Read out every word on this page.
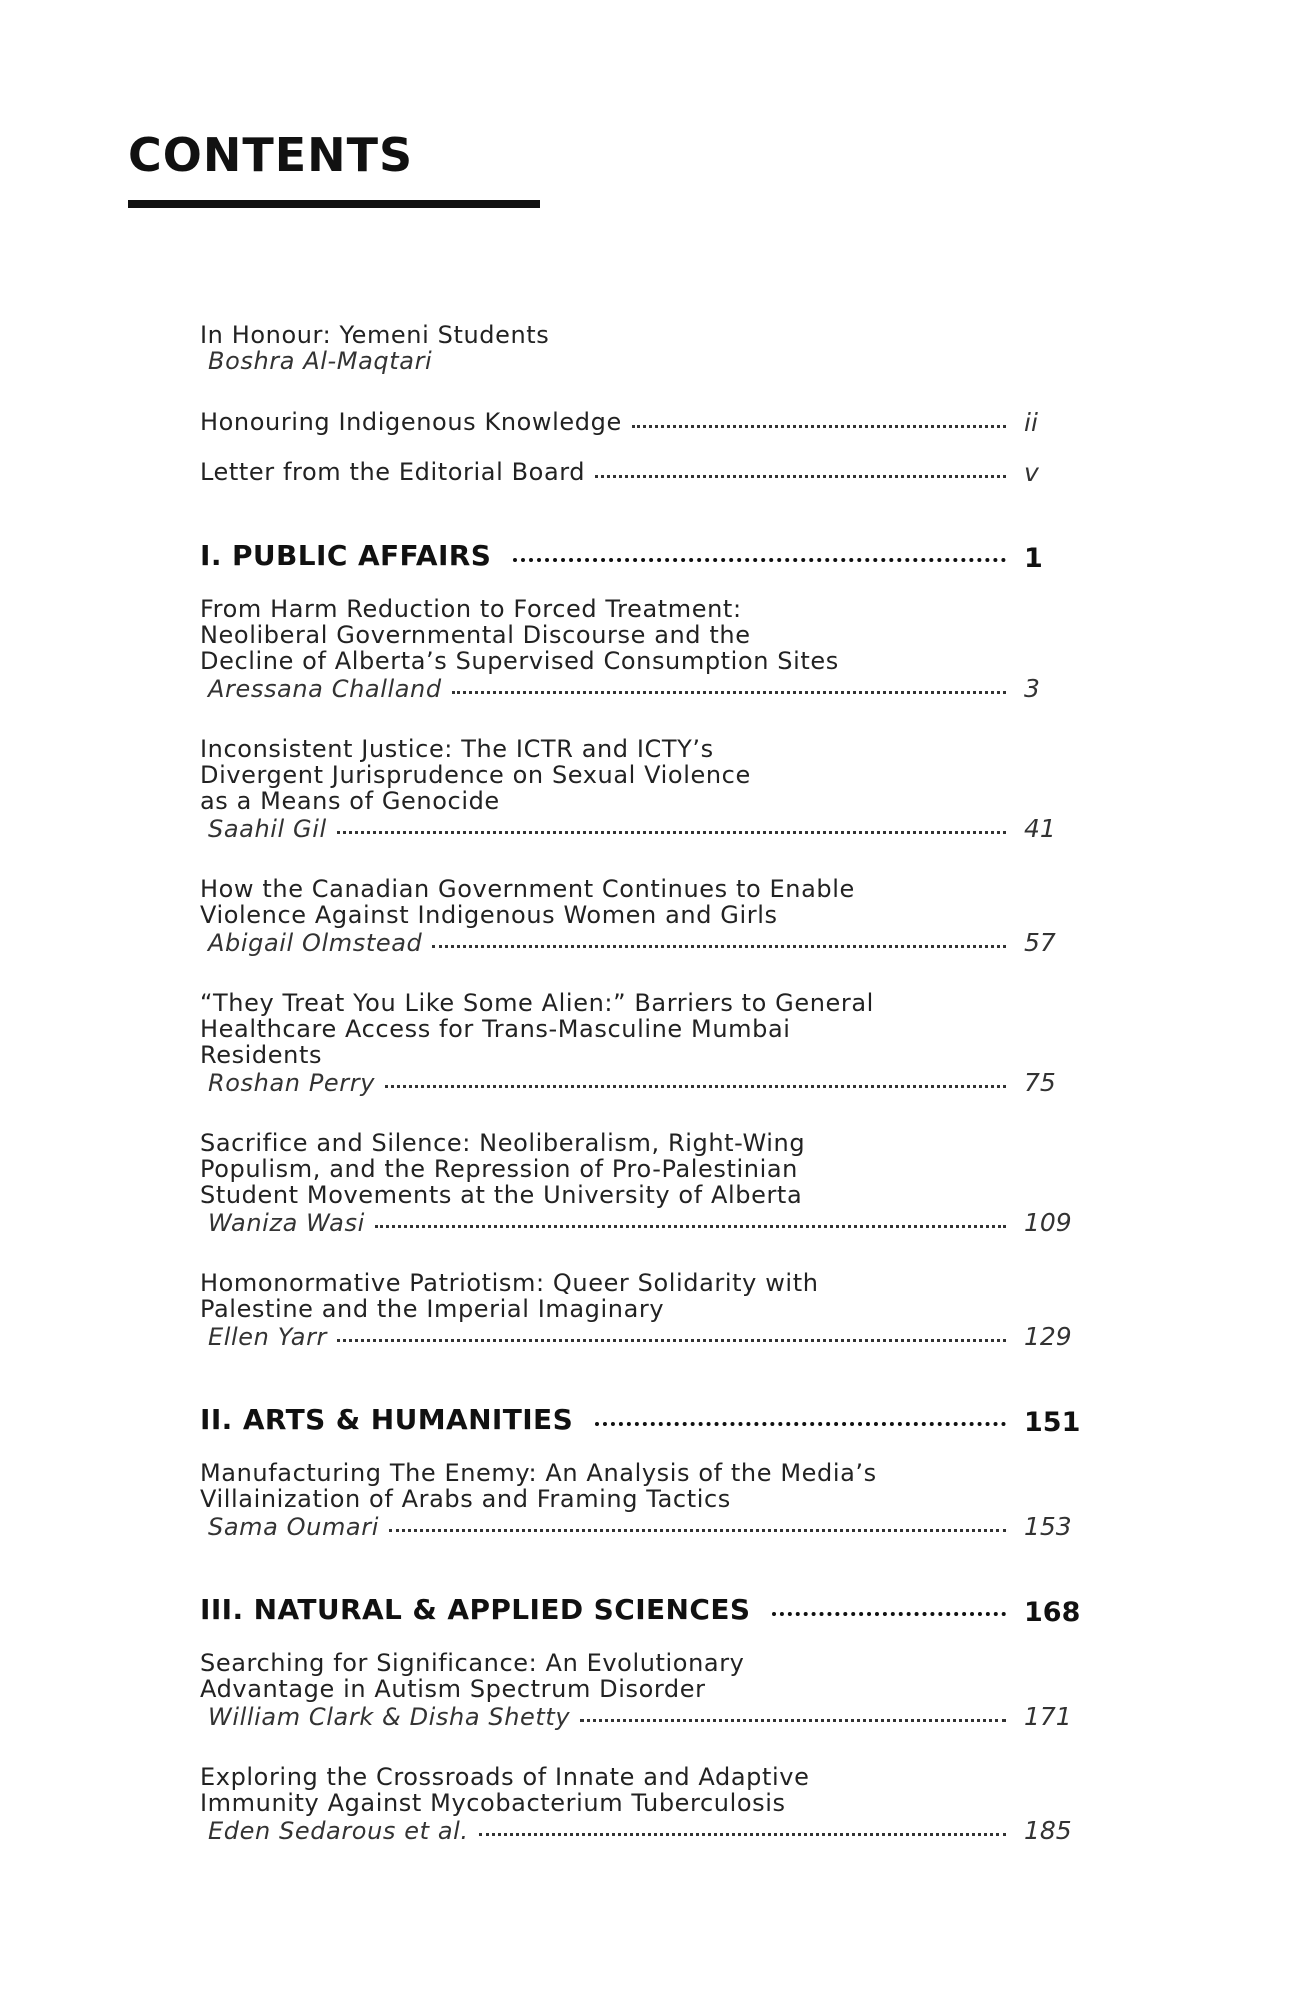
CONTENTS
In Honour: Yemeni Students
Boshra Al-Maqtari
Honouring Indigenous Knowledge	ii
Letter from the Editorial Board	v
I. PUBLIC AFFAIRS	1
From Harm Reduction to Forced Treatment:
Neoliberal Governmental Discourse and the
Decline of Alberta’s Supervised Consumption Sites
Aressana Challand	3
Inconsistent Justice: The ICTR and ICTY’s
Divergent Jurisprudence on Sexual Violence
as a Means of Genocide
Saahil Gil	41
How the Canadian Government Continues to Enable
Violence Against Indigenous Women and Girls
Abigail Olmstead	57
“They Treat You Like Some Alien:” Barriers to General
Healthcare Access for Trans-Masculine Mumbai
Residents
Roshan Perry	75
Sacrifice and Silence: Neoliberalism, Right-Wing
Populism, and the Repression of Pro-Palestinian
Student Movements at the University of Alberta
Waniza Wasi	109
Homonormative Patriotism: Queer Solidarity with
Palestine and the Imperial Imaginary
Ellen Yarr	129
II. ARTS & HUMANITIES	151
Manufacturing The Enemy: An Analysis of the Media’s
Villainization of Arabs and Framing Tactics
Sama Oumari	153
III. NATURAL & APPLIED SCIENCES	168
Searching for Significance: An Evolutionary
Advantage in Autism Spectrum Disorder
William Clark & Disha Shetty	171
Exploring the Crossroads of Innate and Adaptive
Immunity Against Mycobacterium Tuberculosis
Eden Sedarous et al.	185
